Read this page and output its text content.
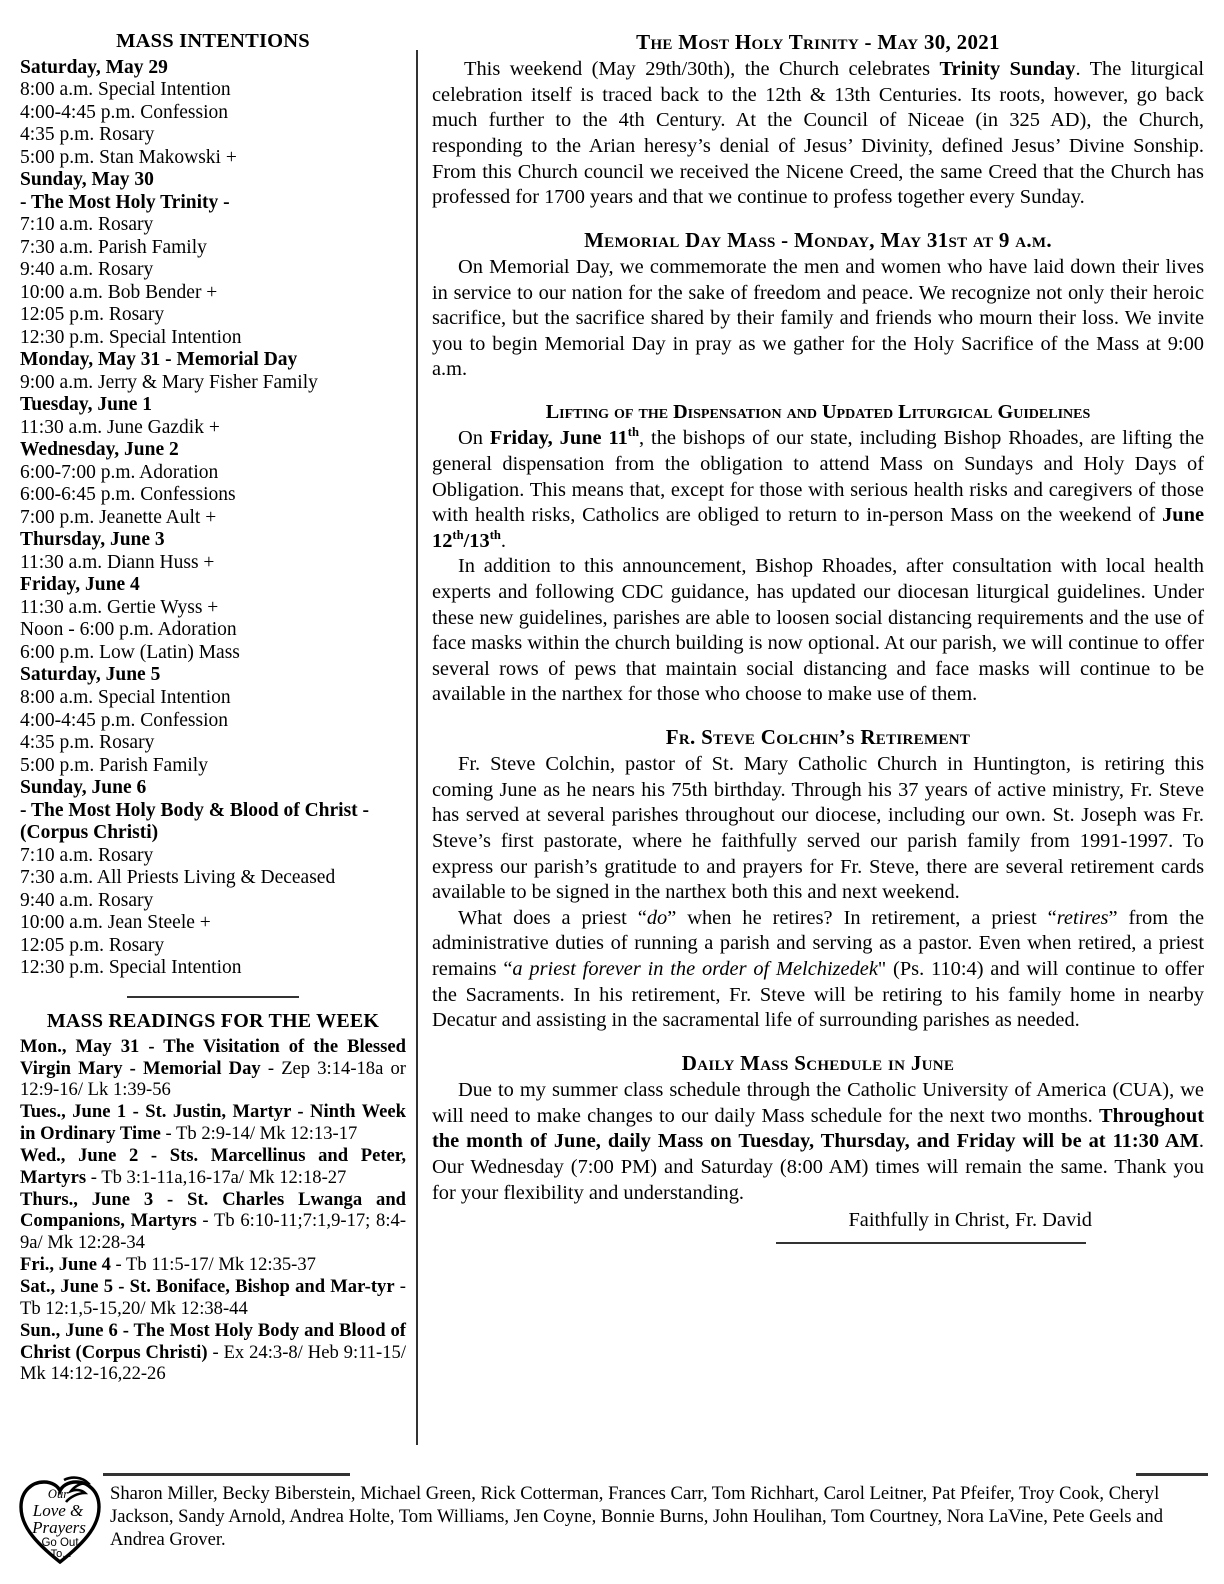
MASS INTENTIONS
Saturday, May 29
8:00 a.m. Special Intention
4:00-4:45 p.m. Confession
4:35 p.m. Rosary
5:00 p.m. Stan Makowski +
Sunday, May 30
- The Most Holy Trinity -
7:10 a.m. Rosary
7:30 a.m. Parish Family
9:40 a.m. Rosary
10:00 a.m. Bob Bender +
12:05 p.m. Rosary
12:30 p.m. Special Intention
Monday, May 31 - Memorial Day
9:00 a.m. Jerry & Mary Fisher Family
Tuesday, June 1
11:30 a.m. June Gazdik +
Wednesday, June 2
6:00-7:00 p.m. Adoration
6:00-6:45 p.m. Confessions
7:00 p.m. Jeanette Ault +
Thursday, June 3
11:30 a.m. Diann Huss +
Friday, June 4
11:30 a.m. Gertie Wyss +
Noon - 6:00 p.m. Adoration
6:00 p.m. Low (Latin) Mass
Saturday, June 5
8:00 a.m. Special Intention
4:00-4:45 p.m. Confession
4:35 p.m. Rosary
5:00 p.m. Parish Family
Sunday, June 6
- The Most Holy Body & Blood of Christ -
(Corpus Christi)
7:10 a.m. Rosary
7:30 a.m. All Priests Living & Deceased
9:40 a.m. Rosary
10:00 a.m. Jean Steele +
12:05 p.m. Rosary
12:30 p.m. Special Intention
MASS READINGS FOR THE WEEK

Mon., May 31 - The Visitation of the Blessed Virgin Mary - Memorial Day - Zep 3:14-18a or 12:9-16/ Lk 1:39-56

Tues., June 1 - St. Justin, Martyr - Ninth Week in Ordinary Time - Tb 2:9-14/ Mk 12:13-17

Wed., June 2 - Sts. Marcellinus and Peter, Martyrs - Tb 3:1-11a,16-17a/ Mk 12:18-27

Thurs., June 3 - St. Charles Lwanga and Companions, Martyrs - Tb 6:10-11;7:1,9-17; 8:4-9a/ Mk 12:28-34

Fri., June 4 - Tb 11:5-17/ Mk 12:35-37

Sat., June 5 - St. Boniface, Bishop and Mar-tyr - Tb 12:1,5-15,20/ Mk 12:38-44

Sun., June 6 - The Most Holy Body and Blood of Christ (Corpus Christi) - Ex 24:3-8/ Heb 9:11-15/ Mk 14:12-16,22-26

The Most Holy Trinity - May 30, 2021

This weekend (May 29th/30th), the Church celebrates Trinity Sunday. The liturgical celebration itself is traced back to the 12th & 13th Centuries. Its roots, however, go back much further to the 4th Century. At the Council of Niceae (in 325 AD), the Church, responding to the Arian heresy’s denial of Jesus’ Divinity, defined Jesus’ Divine Sonship. From this Church council we received the Nicene Creed, the same Creed that the Church has professed for 1700 years and that we continue to profess together every Sunday.

Memorial Day Mass - Monday, May 31st at 9 a.m.

On Memorial Day, we commemorate the men and women who have laid down their lives in service to our nation for the sake of freedom and peace. We recognize not only their heroic sacrifice, but the sacrifice shared by their family and friends who mourn their loss. We invite you to begin Memorial Day in pray as we gather for the Holy Sacrifice of the Mass at 9:00 a.m.

Lifting of the Dispensation and Updated Liturgical Guidelines

On Friday, June 11th, the bishops of our state, including Bishop Rhoades, are lifting the general dispensation from the obligation to attend Mass on Sundays and Holy Days of Obligation. This means that, except for those with serious health risks and caregivers of those with health risks, Catholics are obliged to return to in-person Mass on the weekend of June 12th/13th.

In addition to this announcement, Bishop Rhoades, after consultation with local health experts and following CDC guidance, has updated our diocesan liturgical guidelines. Under these new guidelines, parishes are able to loosen social distancing requirements and the use of face masks within the church building is now optional. At our parish, we will continue to offer several rows of pews that maintain social distancing and face masks will continue to be available in the narthex for those who choose to make use of them.

Fr. Steve Colchin’s Retirement

Fr. Steve Colchin, pastor of St. Mary Catholic Church in Huntington, is retiring this coming June as he nears his 75th birthday. Through his 37 years of active ministry, Fr. Steve has served at several parishes throughout our diocese, including our own. St. Joseph was Fr. Steve’s first pastorate, where he faithfully served our parish family from 1991-1997. To express our parish’s gratitude to and prayers for Fr. Steve, there are several retirement cards available to be signed in the narthex both this and next weekend.

What does a priest “do” when he retires? In retirement, a priest “retires” from the administrative duties of running a parish and serving as a pastor. Even when retired, a priest remains “a priest forever in the order of Melchizedek" (Ps. 110:4) and will continue to offer the Sacraments. In his retirement, Fr. Steve will be retiring to his family home in nearby Decatur and assisting in the sacramental life of surrounding parishes as needed.

Daily Mass Schedule in June

Due to my summer class schedule through the Catholic University of America (CUA), we will need to make changes to our daily Mass schedule for the next two months. Throughout the month of June, daily Mass on Tuesday, Thursday, and Friday will be at 11:30 AM. Our Wednesday (7:00 PM) and Saturday (8:00 AM) times will remain the same. Thank you for your flexibility and understanding.

Faithfully in Christ, Fr. David
Our
Love &
Prayers
Go Out
To...
Sharon Miller, Becky Biberstein, Michael Green, Rick Cotterman, Frances Carr, Tom Richhart, Carol Leitner, Pat Pfeifer, Troy Cook, Cheryl Jackson, Sandy Arnold, Andrea Holte, Tom Williams, Jen Coyne, Bonnie Burns, John Houlihan, Tom Courtney, Nora LaVine, Pete Geels and Andrea Grover.
